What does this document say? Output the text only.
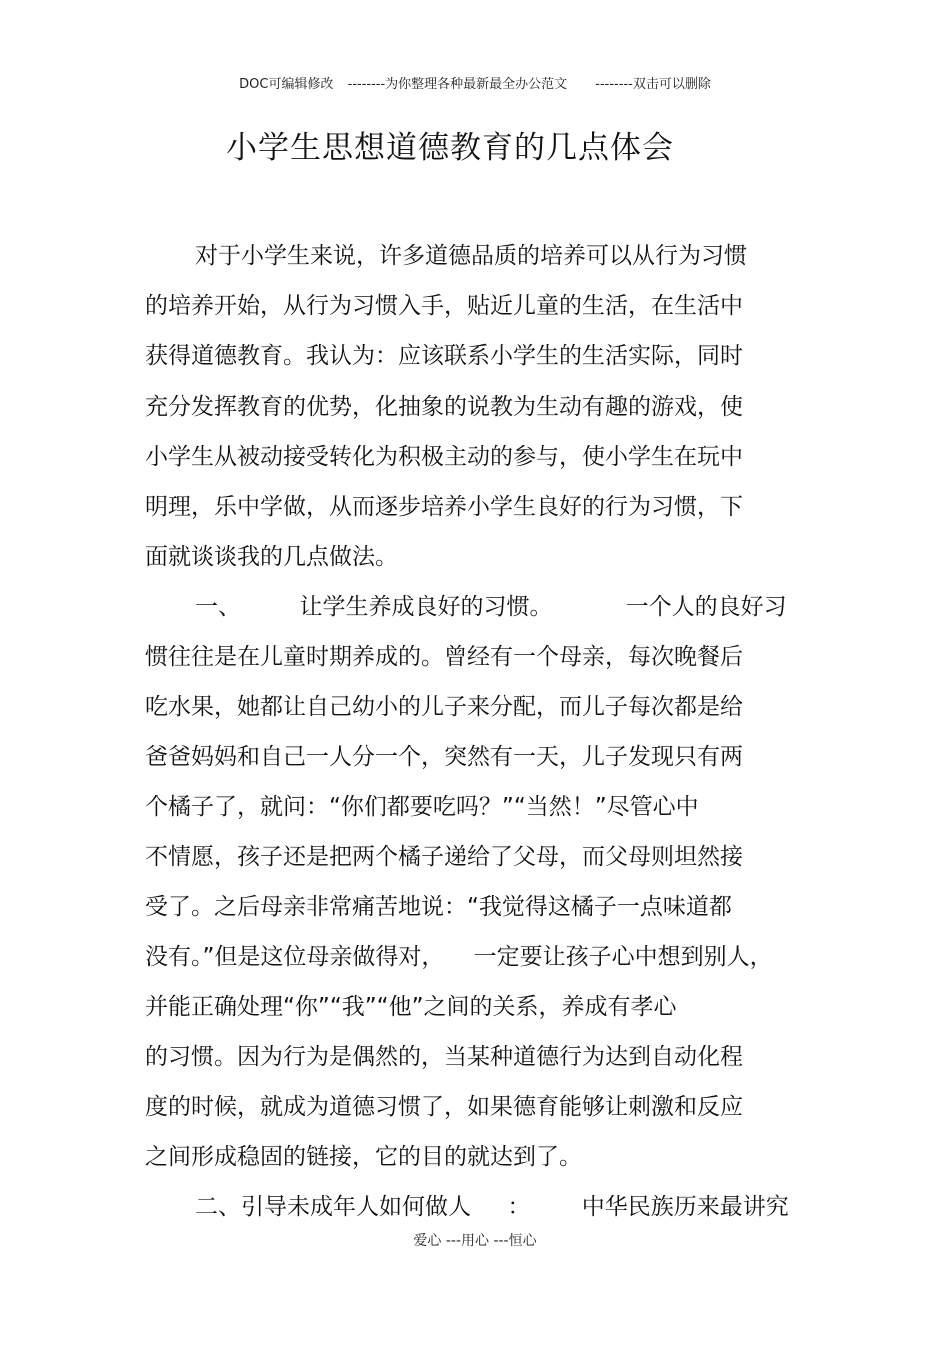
DOC可编辑修改 --------为你整理各种最新最全办公范文 --------双击可以删除
小学生思想道德教育的几点体会
对于小学生来说，许多道德品质的培养可以从行为习惯
的培养开始，从行为习惯入手，贴近儿童的生活，在生活中
获得道德教育。我认为：应该联系小学生的生活实际，同时
充分发挥教育的优势，化抽象的说教为生动有趣的游戏，使
小学生从被动接受转化为积极主动的参与，使小学生在玩中
明理，乐中学做，从而逐步培养小学生良好的行为习惯，下
面就谈谈我的几点做法。
一、        让学生养成良好的习惯。          一个人的良好习
惯往往是在儿童时期养成的。曾经有一个母亲，每次晚餐后
吃水果，她都让自己幼小的儿子来分配，而儿子每次都是给
爸爸妈妈和自己一人分一个，突然有一天，儿子发现只有两
个橘子了，就问：“你们都要吃吗？”“当然！”尽管心中
不情愿，孩子还是把两个橘子递给了父母，而父母则坦然接
受了。之后母亲非常痛苦地说：“我觉得这橘子一点味道都
没有。”但是这位母亲做得对，    一定要让孩子心中想到别人，
并能正确处理“你”“我”“他”之间的关系，养成有孝心
的习惯。因为行为是偶然的，当某种道德行为达到自动化程
度的时候，就成为道德习惯了，如果德育能够让刺激和反应
之间形成稳固的链接，它的目的就达到了。
二、引导未成年人如何做人     ：       中华民族历来最讲究
爱心 ---用心 ---恒心
